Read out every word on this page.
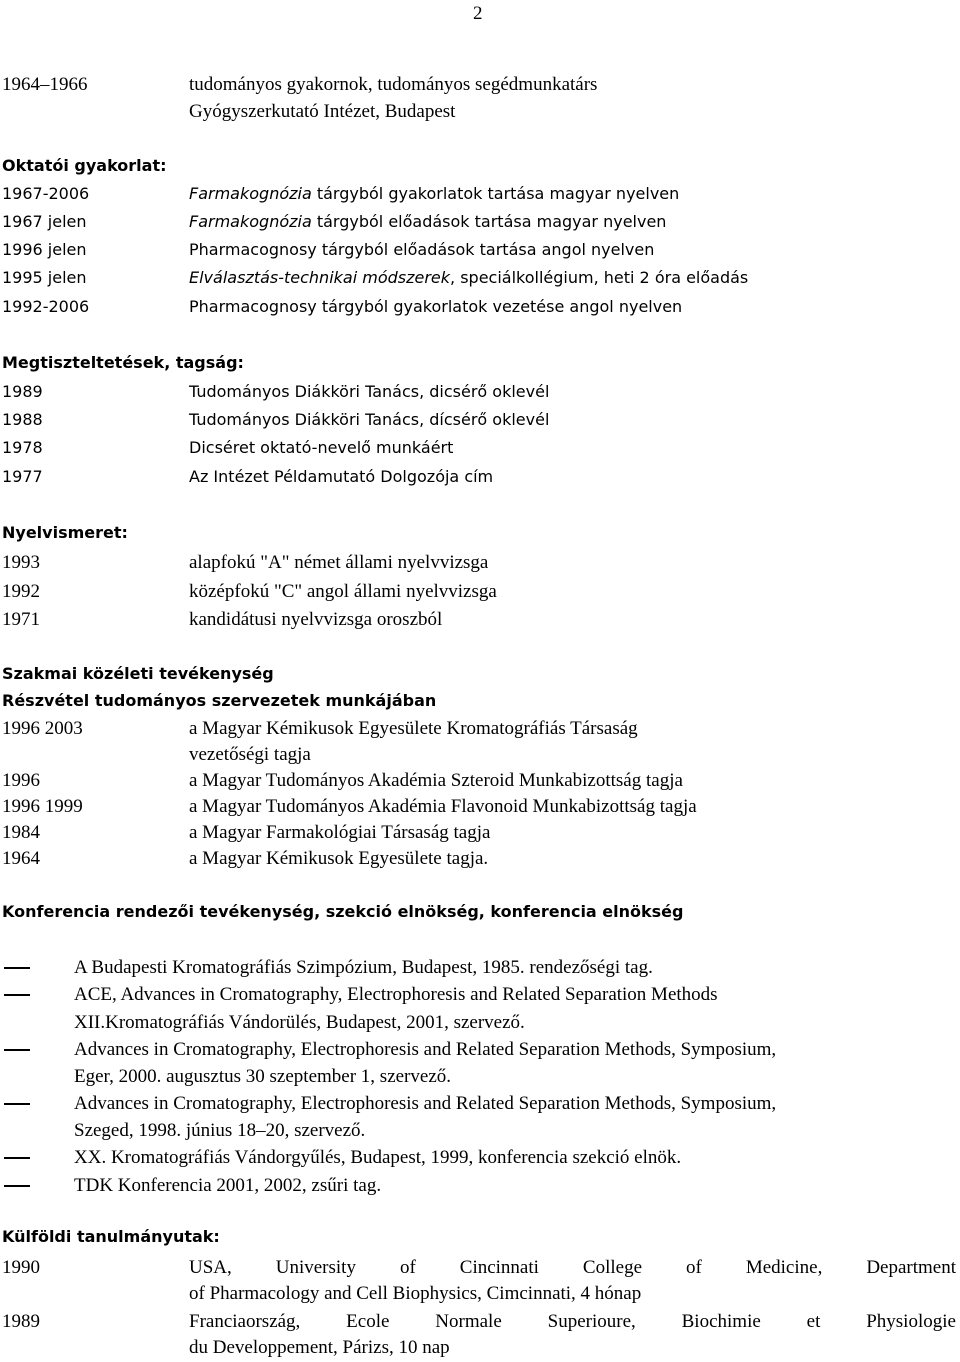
2
1964–1966	tudományos gyakornok, tudományos segédmunkatárs
Gyógyszerkutató Intézet, Budapest
Oktatói gyakorlat:
1967-2006	Farmakognózia tárgyból gyakorlatok tartása magyar nyelven
1967 jelen	Farmakognózia tárgyból előadások tartása magyar nyelven
1996 jelen	Pharmacognosy tárgyból előadások tartása angol nyelven
1995 jelen	Elválasztás-technikai módszerek, speciálkollégium, heti 2 óra előadás
1992-2006	Pharmacognosy tárgyból gyakorlatok vezetése angol nyelven
Megtiszteltetések, tagság:
1989	Tudományos Diákköri Tanács, dicsérő oklevél
1988	Tudományos Diákköri Tanács, dícsérő oklevél
1978	Dicséret oktató-nevelő munkáért
1977	Az Intézet Példamutató Dolgozója cím
Nyelvismeret:
1993	alapfokú "A" német állami nyelvvizsga
1992	középfokú "C" angol állami nyelvvizsga
1971	kandidátusi nyelvvizsga oroszból
Szakmai közéleti tevékenység
Részvétel tudományos szervezetek munkájában
1996 2003	a Magyar Kémikusok Egyesülete Kromatográfiás Társaság
vezetőségi tagja
1996	a Magyar Tudományos Akadémia Szteroid Munkabizottság tagja
1996 1999	a Magyar Tudományos Akadémia Flavonoid Munkabizottság tagja
1984	a Magyar Farmakológiai Társaság tagja
1964	a Magyar Kémikusok Egyesülete tagja.
Konferencia rendezői tevékenység, szekció elnökség, konferencia elnökség
A Budapesti Kromatográfiás Szimpózium, Budapest, 1985. rendezőségi tag.
ACE, Advances in Cromatography, Electrophoresis and Related Separation Methods
XII.Kromatográfiás Vándorülés, Budapest, 2001, szervező.
Advances in Cromatography, Electrophoresis and Related Separation Methods, Symposium,
Eger, 2000. augusztus 30 szeptember 1, szervező.
Advances in Cromatography, Electrophoresis and Related Separation Methods, Symposium,
Szeged, 1998. június 18–20, szervező.
XX. Kromatográfiás Vándorgyűlés, Budapest, 1999, konferencia szekció elnök.
TDK Konferencia 2001, 2002, zsűri tag.
Külföldi tanulmányutak:
1990	USA, University of Cincinnati College of Medicine, Department
of Pharmacology and Cell Biophysics, Cimcinnati, 4 hónap
1989	Franciaország, Ecole Normale Superioure, Biochimie et Physiologie
du Developpement, Párizs, 10 nap
